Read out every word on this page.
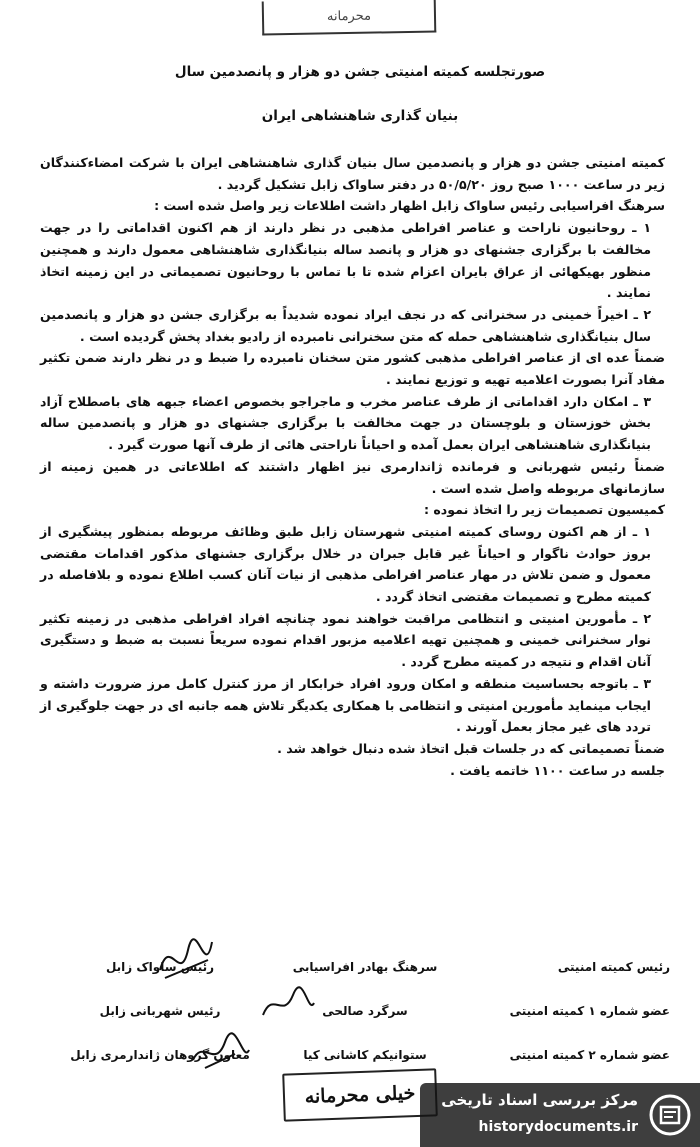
محرمانه
صورتجلسه کمیته امنیتی جشن دو هزار و پانصدمین سال
بنیان گذاری شاهنشاهی ایران

کمیته امنیتی جشن دو هزار و پانصدمین سال بنیان گذاری شاهنشاهی ایران با شرکت امضاءکنندگان زیر در ساعت ۱۰۰۰ صبح روز ۵۰/۵/۲۰ در دفتر ساواک زابل تشکیل گردید .

سرهنگ افراسیابی رئیس ساواک زابل اظهار داشت اطلاعات زیر واصل شده است :

۱ ـ روحانیون ناراحت و عناصر افراطی مذهبی در نظر دارند از هم اکنون اقداماتی را در جهت مخالفت با برگزاری جشنهای دو هزار و پانصد ساله بنیانگذاری شاهنشاهی معمول دارند و همچنین منظور بهیکهائی از عراق بایران اعزام شده تا با تماس با روحانیون تصمیماتی در این زمینه اتخاذ نمایند .

۲ ـ اخیراً خمینی در سخنرانی که در نجف ایراد نموده شدیداً به برگزاری جشن دو هزار و پانصدمین سال بنیانگذاری شاهنشاهی حمله که متن سخنرانی نامبرده از رادیو بغداد پخش گردیده است .

ضمناً عده ای از عناصر افراطی مذهبی کشور متن سخنان نامبرده را ضبط و در نظر دارند ضمن تکثیر مفاد آنرا بصورت اعلامیه تهیه و توزیع نمایند .

۳ ـ امکان دارد اقداماتی از طرف عناصر مخرب و ماجراجو بخصوص اعضاء جبهه های باصطلاح آزاد بخش خوزستان و بلوچستان در جهت مخالفت با برگزاری جشنهای دو هزار و پانصدمین ساله بنیانگذاری شاهنشاهی ایران بعمل آمده و احیاناً ناراحتی هائی از طرف آنها صورت گیرد .

ضمناً رئیس شهربانی و فرمانده ژاندارمری نیز اظهار داشتند که اطلاعاتی در همین زمینه از سازمانهای مربوطه واصل شده است .

کمیسیون تصمیمات زیر را اتخاذ نموده :

۱ ـ از هم اکنون روسای کمیته امنیتی شهرستان زابل طبق وظائف مربوطه بمنظور پیشگیری از بروز حوادث ناگوار و احیاناً غیر قابل جبران در خلال برگزاری جشنهای مذکور اقدامات مقتضی معمول و ضمن تلاش در مهار عناصر افراطی مذهبی از نیات آنان کسب اطلاع نموده و بلافاصله در کمیته مطرح و تصمیمات مقتضی اتخاذ گردد .

۲ ـ مأمورین امنیتی و انتظامی مراقبت خواهند نمود چنانچه افراد افراطی مذهبی در زمینه تکثیر نوار سخنرانی خمینی و همچنین تهیه اعلامیه مزبور اقدام نموده سریعاً نسبت به ضبط و دستگیری آنان اقدام و نتیجه در کمیته مطرح گردد .

۳ ـ باتوجه بحساسیت منطقه و امکان ورود افراد خرابکار از مرز کنترل کامل مرز ضرورت داشته و ایجاب مینماید مأمورین امنیتی و انتظامی با همکاری یکدیگر تلاش همه جانبه ای در جهت جلوگیری از تردد های غیر مجاز بعمل آورند .

ضمناً تصمیماتی که در جلسات قبل اتخاذ شده دنبال خواهد شد .

جلسه در ساعت ۱۱۰۰ خاتمه یافت .

رئیس کمیته امنیتی
سرهنگ بهادر افراسیابی
رئیس ساواک زابل
عضو شماره ۱ کمیته امنیتی
سرگرد صالحی
رئیس شهربانی زابل
عضو شماره ۲ کمیته امنیتی
ستوانیکم کاشانی کیا
معاون گروهان ژاندارمری زابل
خیلی محرمانه	مرکز بررسی اسناد تاریخی
historydocuments.ir
